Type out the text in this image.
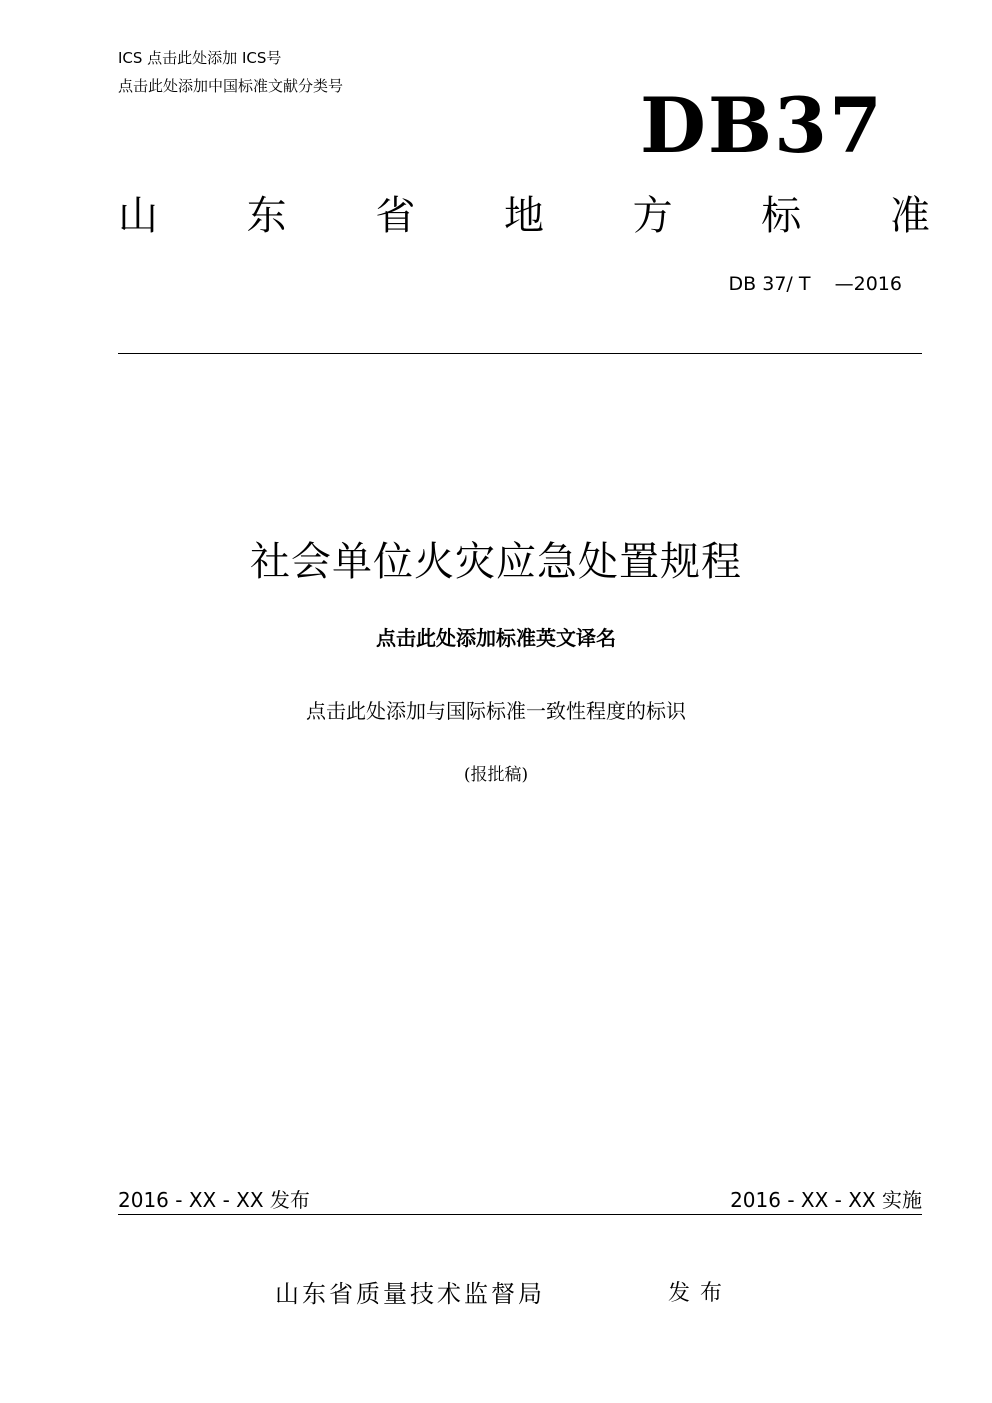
ICS 点击此处添加 ICS号
点击此处添加中国标准文献分类号	DB37
山 东 省 地 方 标 准
DB 37/ T    —2016
社会单位火灾应急处置规程
点击此处添加标准英文译名
点击此处添加与国际标准一致性程度的标识
(报批稿)
2016 - XX - XX 发布	2016 - XX - XX 实施
山东省质量技术监督局	发布
